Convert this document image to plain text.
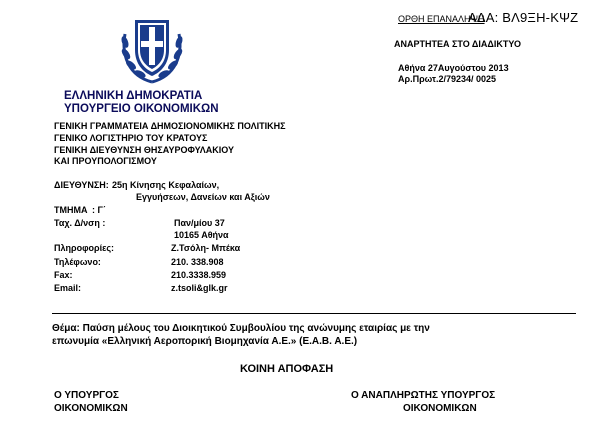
ΟΡΘΗ ΕΠΑΝΑΛΗΨΗ
ΑΔΑ: ΒΛ9ΞΗ-ΚΨΖ
ΑΝΑΡΤΗΤΕΑ ΣΤΟ ΔΙΑΔΙΚΤΥΟ
Αθήνα 27Αυγούστου 2013
Αρ.Πρωτ.2/79234/ 0025
ΕΛΛΗΝΙΚΗ ΔΗΜΟΚΡΑΤΙΑ
ΥΠΟΥΡΓΕΙΟ ΟΙΚΟΝΟΜΙΚΩΝ
ΓΕΝΙΚΗ ΓΡΑΜΜΑΤΕΙΑ ΔΗΜΟΣΙΟΝΟΜΙΚΗΣ ΠΟΛΙΤΙΚΗΣ
ΓΕΝΙΚΟ ΛΟΓΙΣΤΗΡΙΟ ΤΟΥ ΚΡΑΤΟΥΣ
ΓΕΝΙΚΗ ΔΙΕΥΘΥΝΣΗ ΘΗΣΑΥΡΟΦΥΛΑΚΙΟΥ
ΚΑΙ ΠΡΟΥΠΟΛΟΓΙΣΜΟΥ
ΔΙΕΥΘΥΝΣΗ: 25η Κίνησης Κεφαλαίων,
Εγγυήσεων, Δανείων και Αξιών
ΤΜΗΜΑ : Γ΄
Ταχ. Δ/νση :	Παν/μίου 37
10165 Αθήνα
Πληροφορίες:	Ζ.Τσόλη- Μπέκα
Τηλέφωνο:	210. 338.908
Fax:	210.3338.959
Email:	z.tsoli&glk.gr
Θέμα: Παύση μέλους του Διοικητικού Συμβουλίου της ανώνυμης εταιρίας με την
επωνυμία «Ελληνική Αεροπορική Βιομηχανία Α.Ε.» (Ε.Α.Β. Α.Ε.)
ΚΟΙΝΗ ΑΠΟΦΑΣΗ
Ο ΥΠΟΥΡΓΟΣ
ΟΙΚΟΝΟΜΙΚΩΝ
Ο ΑΝΑΠΛΗΡΩΤΗΣ ΥΠΟΥΡΓΟΣ
ΟΙΚΟΝΟΜΙΚΩΝ
